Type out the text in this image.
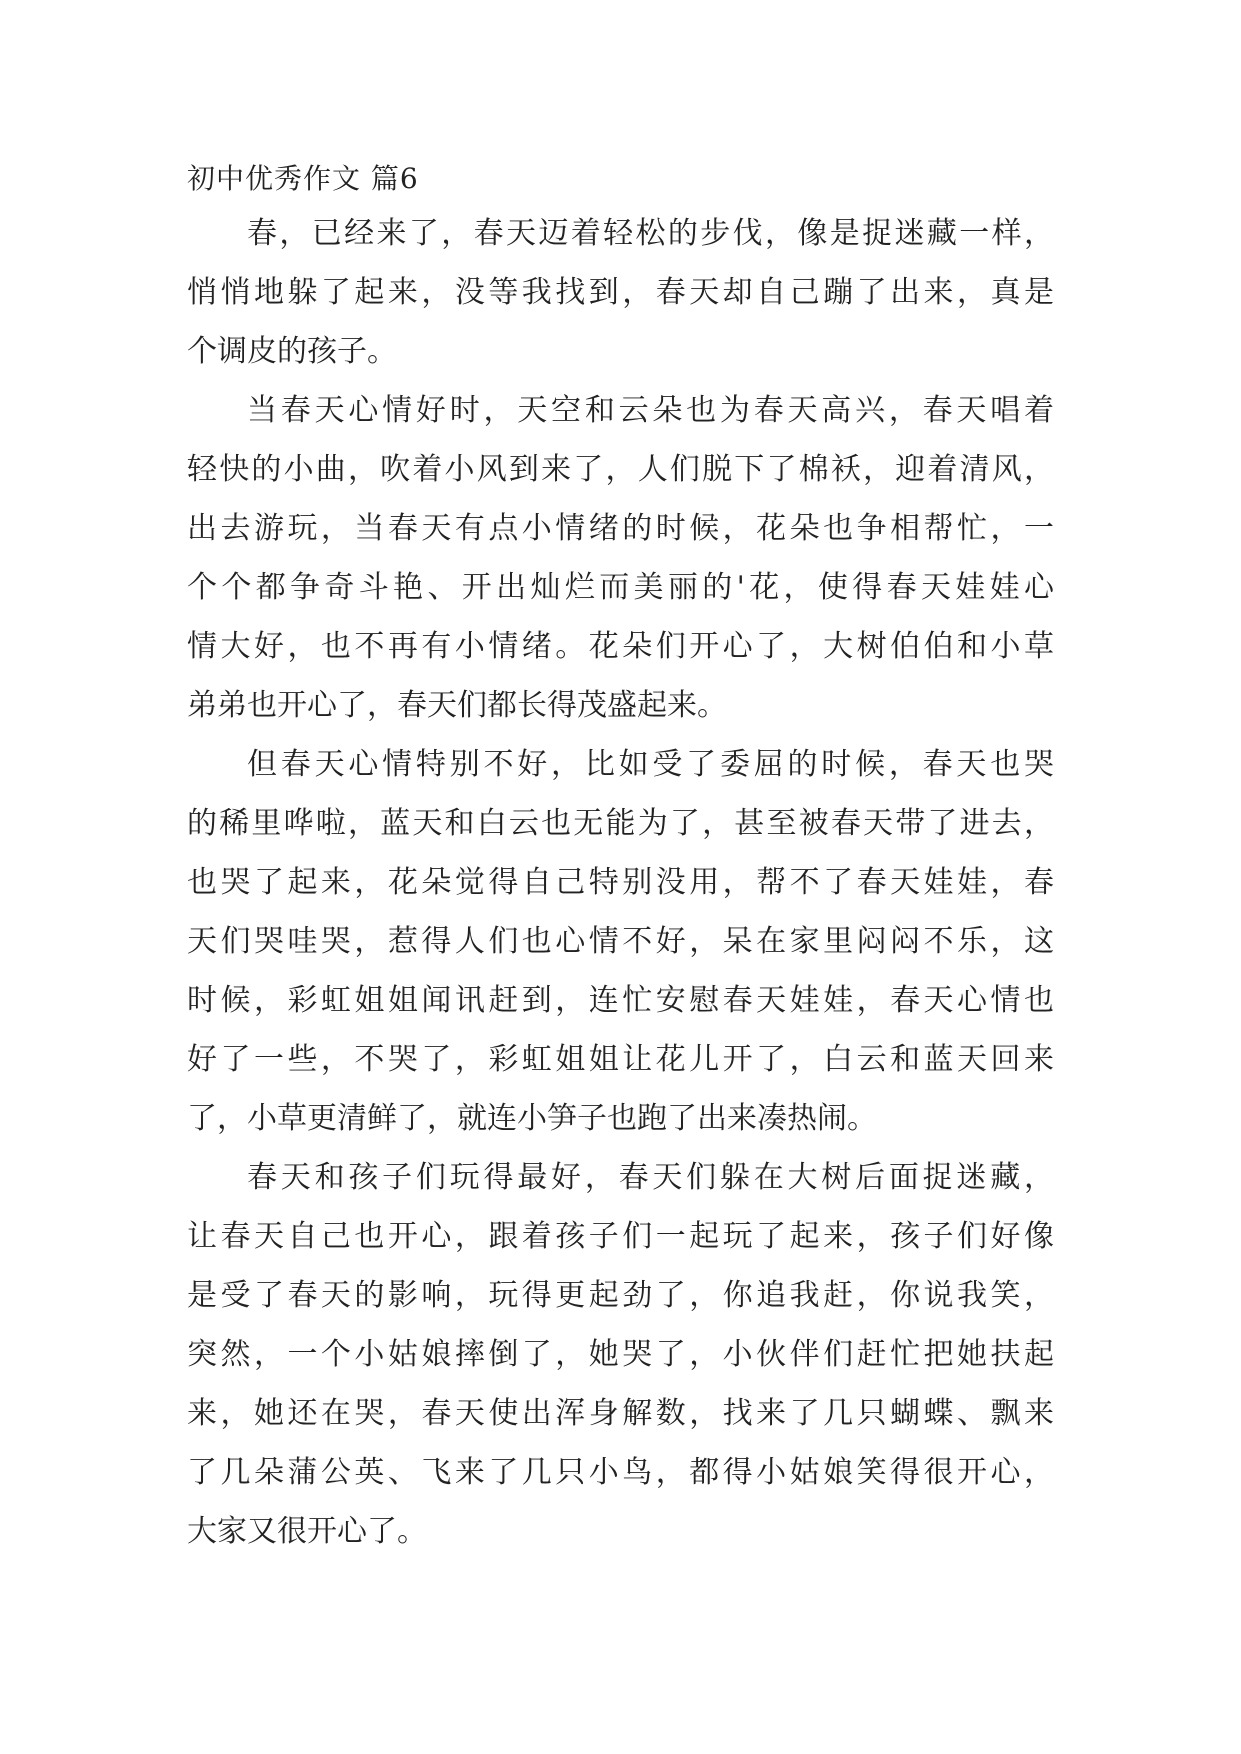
初中优秀作文 篇6

春，已经来了，春天迈着轻松的步伐，像是捉迷藏一样，
悄悄地躲了起来，没等我找到，春天却自己蹦了出来，真是
个调皮的孩子。

当春天心情好时，天空和云朵也为春天高兴，春天唱着
轻快的小曲，吹着小风到来了，人们脱下了棉袄，迎着清风，
出去游玩，当春天有点小情绪的时候，花朵也争相帮忙，一
个个都争奇斗艳、开出灿烂而美丽的'花，使得春天娃娃心
情大好，也不再有小情绪。花朵们开心了，大树伯伯和小草
弟弟也开心了，春天们都长得茂盛起来。

但春天心情特别不好，比如受了委屈的时候，春天也哭
的稀里哗啦，蓝天和白云也无能为了，甚至被春天带了进去，
也哭了起来，花朵觉得自己特别没用，帮不了春天娃娃，春
天们哭哇哭，惹得人们也心情不好，呆在家里闷闷不乐，这
时候，彩虹姐姐闻讯赶到，连忙安慰春天娃娃，春天心情也
好了一些，不哭了，彩虹姐姐让花儿开了，白云和蓝天回来
了，小草更清鲜了，就连小笋子也跑了出来凑热闹。

春天和孩子们玩得最好，春天们躲在大树后面捉迷藏，
让春天自己也开心，跟着孩子们一起玩了起来，孩子们好像
是受了春天的影响，玩得更起劲了，你追我赶，你说我笑，
突然，一个小姑娘摔倒了，她哭了，小伙伴们赶忙把她扶起
来，她还在哭，春天使出浑身解数，找来了几只蝴蝶、飘来
了几朵蒲公英、飞来了几只小鸟，都得小姑娘笑得很开心，
大家又很开心了。
